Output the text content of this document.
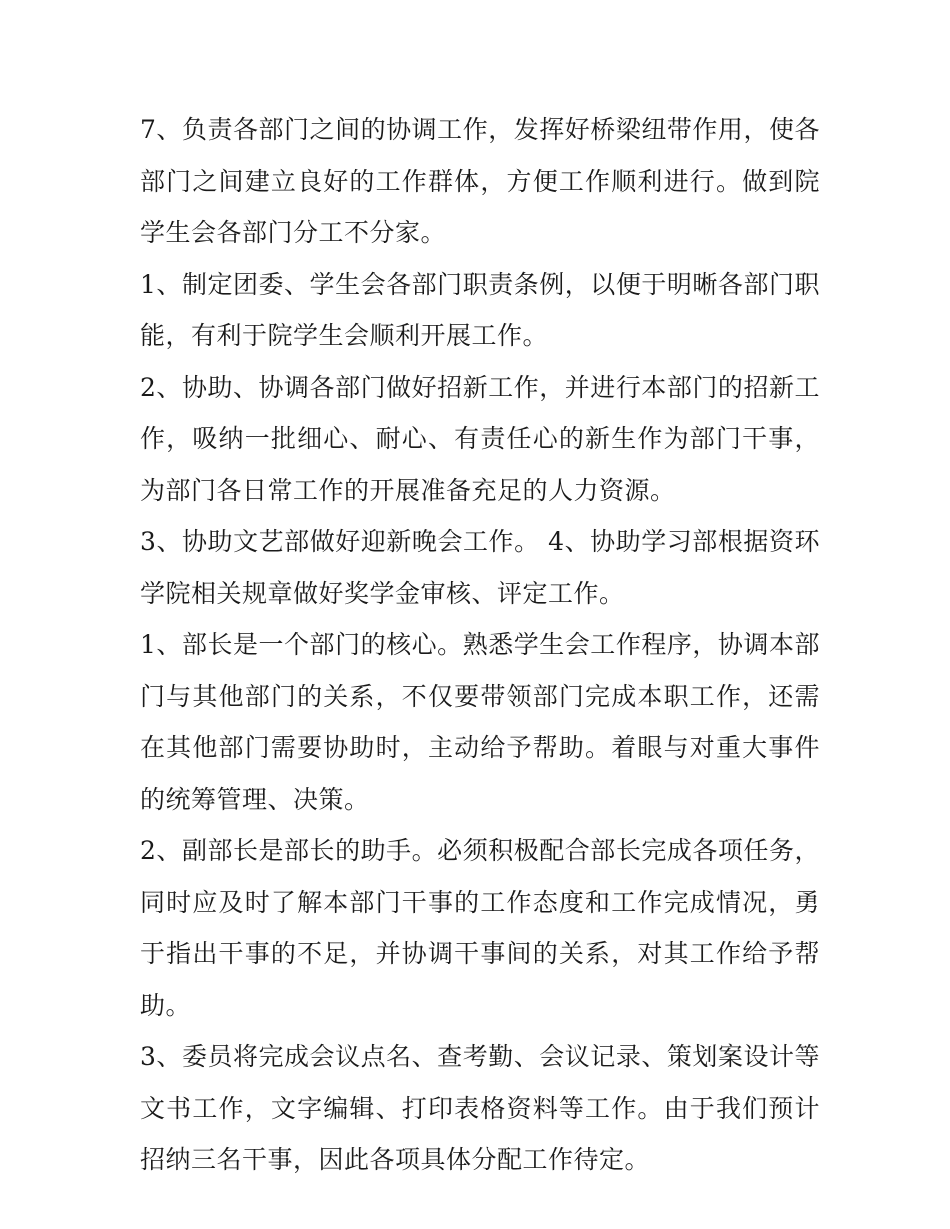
7、负责各部门之间的协调工作，发挥好桥梁纽带作用，使各部门之间建立良好的工作群体，方便工作顺利进行。做到院学生会各部门分工不分家。

1、制定团委、学生会各部门职责条例，以便于明晰各部门职能，有利于院学生会顺利开展工作。

2、协助、协调各部门做好招新工作，并进行本部门的招新工作，吸纳一批细心、耐心、有责任心的新生作为部门干事，为部门各日常工作的开展准备充足的人力资源。

3、协助文艺部做好迎新晚会工作。 4、协助学习部根据资环学院相关规章做好奖学金审核、评定工作。

1、部长是一个部门的核心。熟悉学生会工作程序，协调本部门与其他部门的关系，不仅要带领部门完成本职工作，还需在其他部门需要协助时，主动给予帮助。着眼与对重大事件的统筹管理、决策。

2、副部长是部长的助手。必须积极配合部长完成各项任务，同时应及时了解本部门干事的工作态度和工作完成情况，勇于指出干事的不足，并协调干事间的关系，对其工作给予帮助。

3、委员将完成会议点名、查考勤、会议记录、策划案设计等文书工作，文字编辑、打印表格资料等工作。由于我们预计招纳三名干事，因此各项具体分配工作待定。
